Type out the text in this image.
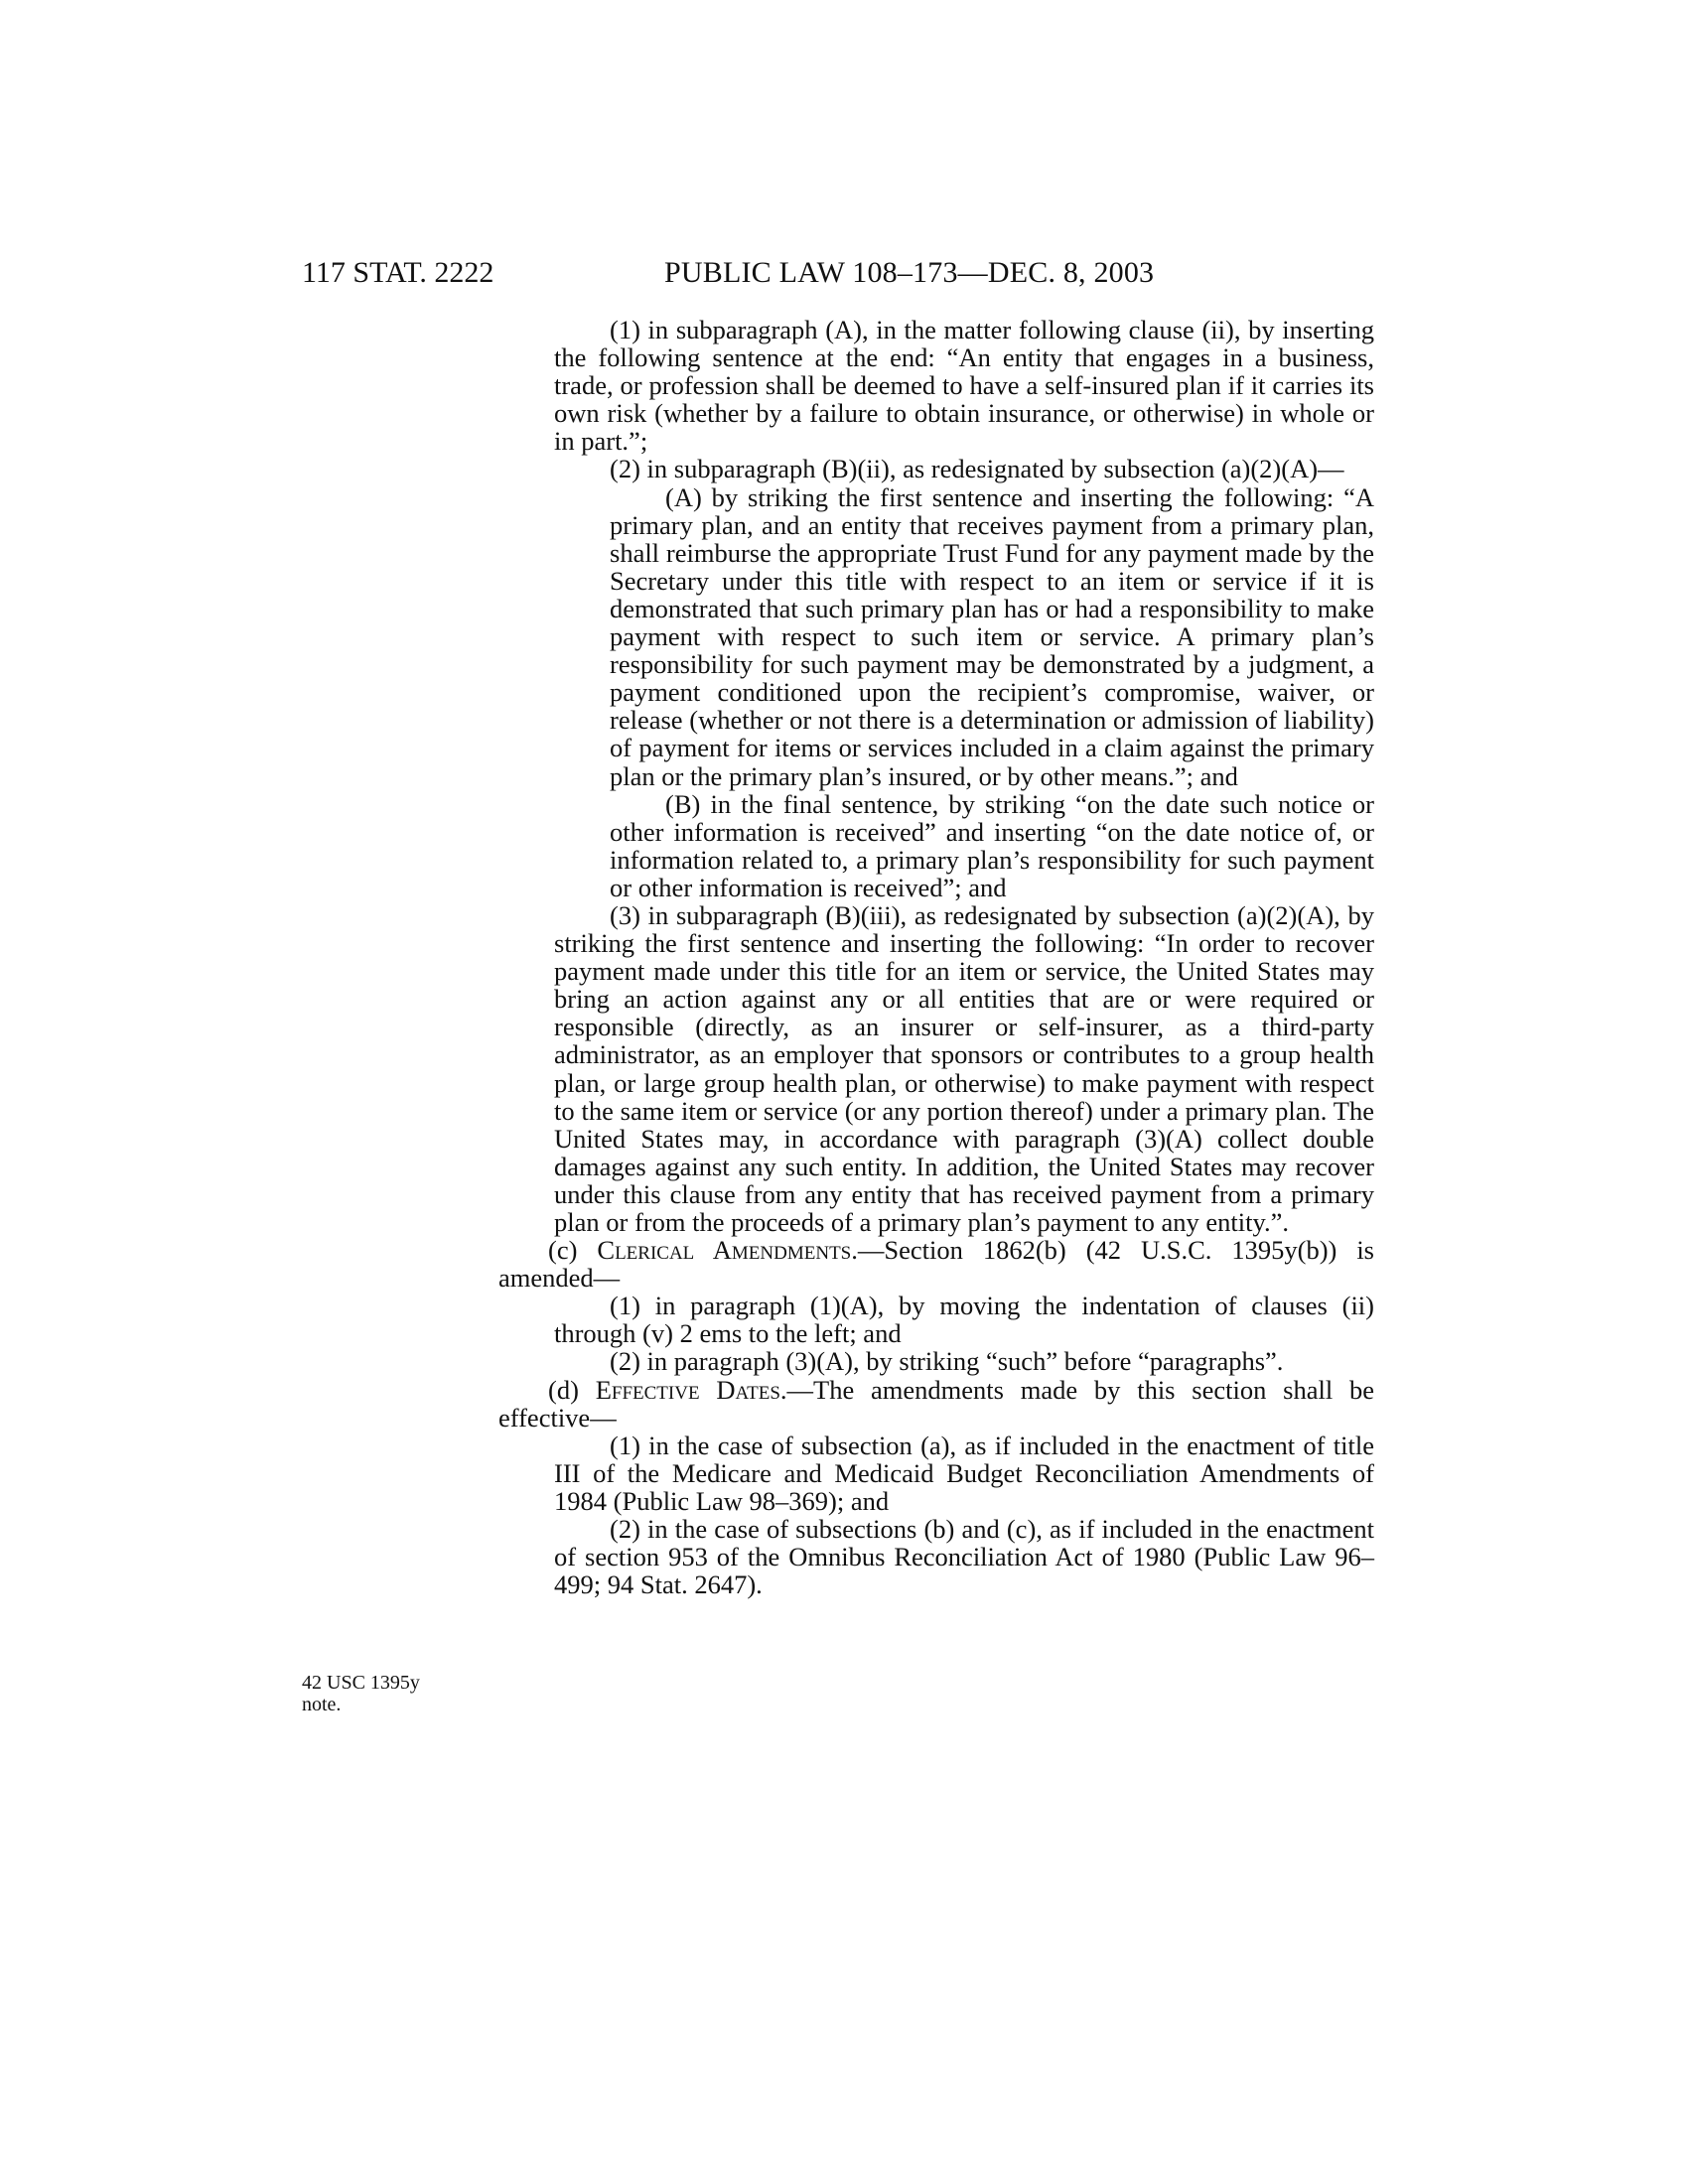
117 STAT. 2222	PUBLIC LAW 108–173—DEC. 8, 2003
42 USC 1395y
note.

(1) in subparagraph (A), in the matter following clause (ii), by inserting the following sentence at the end: “An entity that engages in a business, trade, or profession shall be deemed to have a self-insured plan if it carries its own risk (whether by a failure to obtain insurance, or otherwise) in whole or in part.”;

(2) in subparagraph (B)(ii), as redesignated by subsection (a)(2)(A)—

(A) by striking the first sentence and inserting the following: “A primary plan, and an entity that receives payment from a primary plan, shall reimburse the appropriate Trust Fund for any payment made by the Secretary under this title with respect to an item or service if it is demonstrated that such primary plan has or had a responsibility to make payment with respect to such item or service. A primary plan’s responsibility for such payment may be demonstrated by a judgment, a payment conditioned upon the recipient’s compromise, waiver, or release (whether or not there is a determination or admission of liability) of payment for items or services included in a claim against the primary plan or the primary plan’s insured, or by other means.”; and

(B) in the final sentence, by striking “on the date such notice or other information is received” and inserting “on the date notice of, or information related to, a primary plan’s responsibility for such payment or other information is received”; and

(3) in subparagraph (B)(iii), as redesignated by subsection (a)(2)(A), by striking the first sentence and inserting the following: “In order to recover payment made under this title for an item or service, the United States may bring an action against any or all entities that are or were required or responsible (directly, as an insurer or self-insurer, as a third-party administrator, as an employer that sponsors or contributes to a group health plan, or large group health plan, or otherwise) to make payment with respect to the same item or service (or any portion thereof) under a primary plan. The United States may, in accordance with paragraph (3)(A) collect double damages against any such entity. In addition, the United States may recover under this clause from any entity that has received payment from a primary plan or from the proceeds of a primary plan’s payment to any entity.”.

(c) Clerical Amendments.—Section 1862(b) (42 U.S.C. 1395y(b)) is amended—

(1) in paragraph (1)(A), by moving the indentation of clauses (ii) through (v) 2 ems to the left; and

(2) in paragraph (3)(A), by striking “such” before “paragraphs”.

(d) Effective Dates.—The amendments made by this section shall be effective—

(1) in the case of subsection (a), as if included in the enactment of title III of the Medicare and Medicaid Budget Reconciliation Amendments of 1984 (Public Law 98–369); and

(2) in the case of subsections (b) and (c), as if included in the enactment of section 953 of the Omnibus Reconciliation Act of 1980 (Public Law 96–499; 94 Stat. 2647).
